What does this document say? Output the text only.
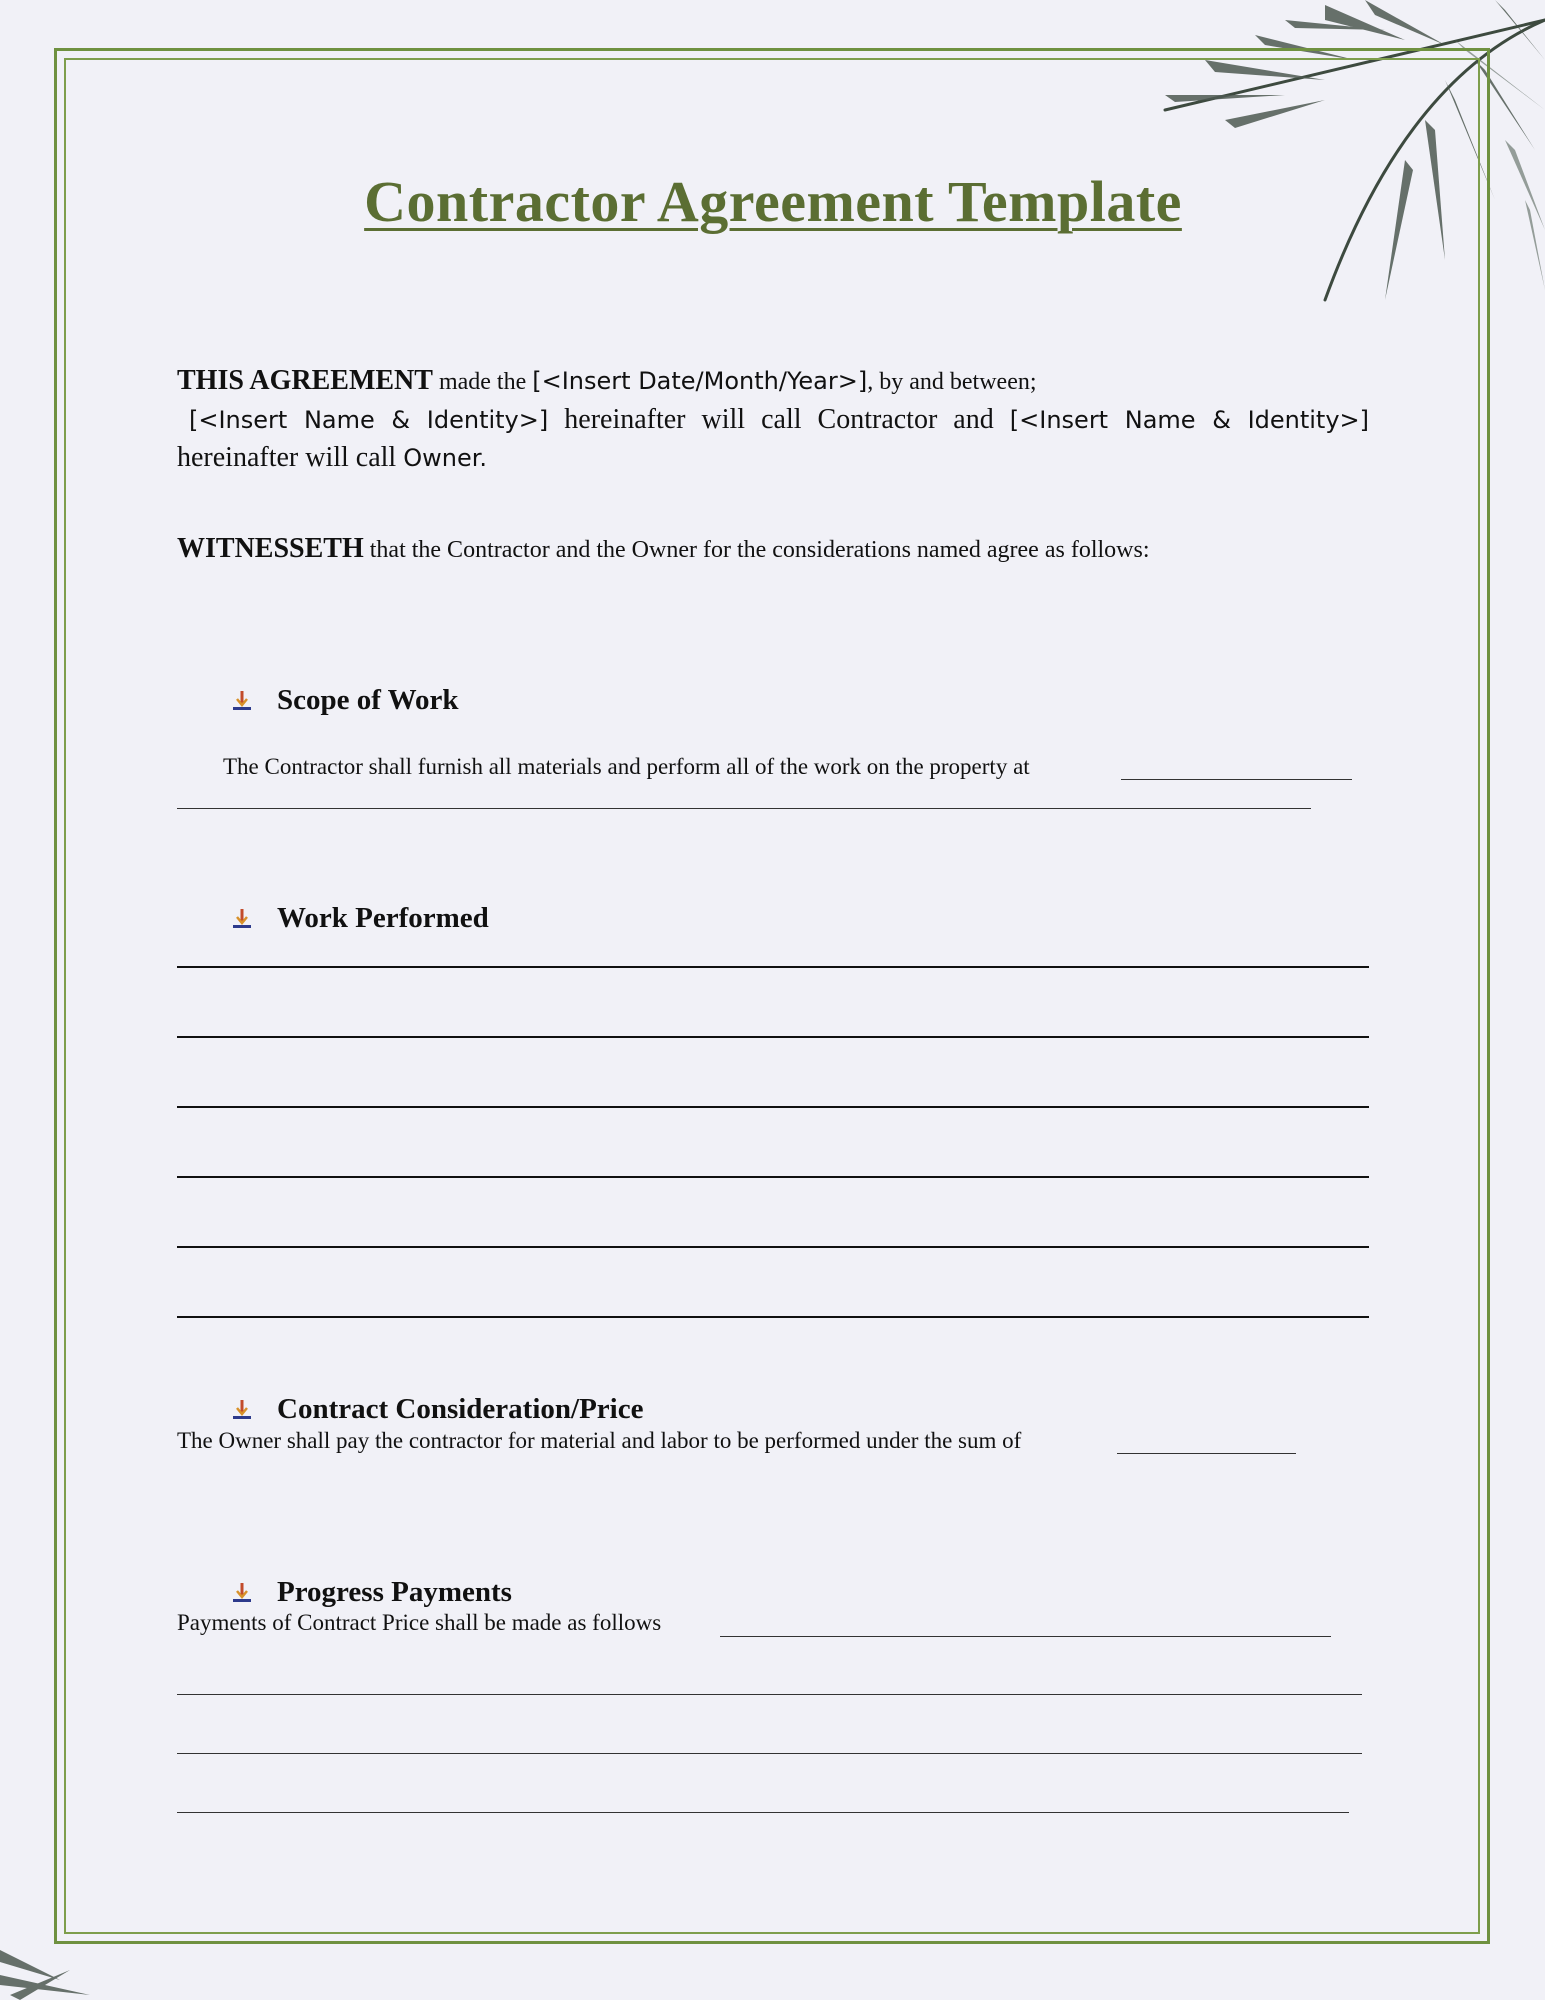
Contractor Agreement Template
THIS AGREEMENT made the [<Insert Date/Month/Year>], by and between;
[<Insert Name & Identity>] hereinafter will call Contractor and [<Insert Name & Identity>]
hereinafter will call Owner.
WITNESSETH that the Contractor and the Owner for the considerations named agree as follows:
Scope of Work
The Contractor shall furnish all materials and perform all of the work on the property at
Work Performed
Contract Consideration/Price
The Owner shall pay the contractor for material and labor to be performed under the sum of
Progress Payments
Payments of Contract Price shall be made as follows
